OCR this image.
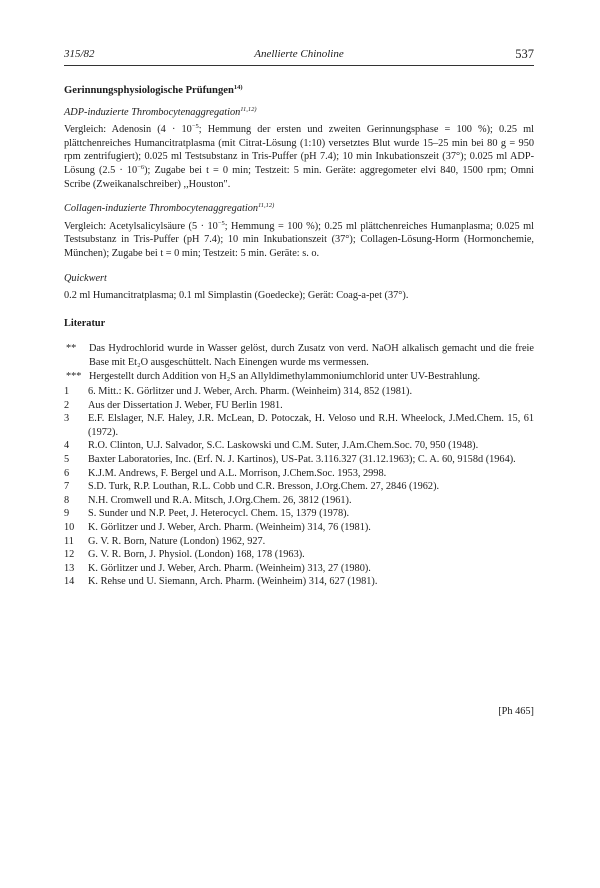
315/82	Anellierte Chinoline	537

Gerinnungsphysiologische Prüfungen$^{14)}$

ADP-induzierte Thrombocytenaggregation$^{11,12)}$

Vergleich: Adenosin ($4 \cdot 10^{-5}$; Hemmung der ersten und zweiten Gerinnungsphase = 100 %); 0.25 ml plättchenreiches Humancitratplasma (mit Citrat-Lösung (1:10) versetztes Blut wurde 15–25 min bei 80 g = 950 rpm zentrifugiert); 0.025 ml Testsubstanz in Tris-Puffer (pH 7.4); 10 min Inkubationszeit (37°); 0.025 ml ADP-Lösung $(2.5 \cdot 10^{-6})$; Zugabe bei t = 0 min; Testzeit: 5 min. Geräte: aggregometer elvi 840, 1500 rpm; Omni Scribe (Zweikanalschreiber) ,,Houston".

Collagen-induzierte Thrombocytenaggregation$^{11,12)}$

Vergleich: Acetylsalicylsäure ($5 \cdot 10^{-5}$; Hemmung = 100 %); 0.25 ml plättchenreiches Humanplasma; 0.025 ml Testsubstanz in Tris-Puffer (pH 7.4); 10 min Inkubationszeit (37°); Collagen-Lösung-Horm (Hormonchemie, München); Zugabe bei t = 0 min; Testzeit: 5 min. Geräte: s. o.

Quickwert

0.2 ml Humancitratplasma; 0.1 ml Simplastin (Goedecke); Gerät: Coag-a-pet (37°).

Literatur

** Das Hydrochlorid wurde in Wasser gelöst, durch Zusatz von verd. NaOH alkalisch gemacht und die freie Base mit Et₂O ausgeschüttelt. Nach Einengen wurde ms vermessen.
*** Hergestellt durch Addition von H₂S an Allyldimethylammoniumchlorid unter UV-Bestrahlung.
1 6. Mitt.: K. Görlitzer und J. Weber, Arch. Pharm. (Weinheim) 314, 852 (1981).
2 Aus der Dissertation J. Weber, FU Berlin 1981.
3 E.F. Elslager, N.F. Haley, J.R. McLean, D. Potoczak, H. Veloso und R.H. Wheelock, J.Med.Chem. 15, 61 (1972).
4 R.O. Clinton, U.J. Salvador, S.C. Laskowski und C.M. Suter, J.Am.Chem.Soc. 70, 950 (1948).
5 Baxter Laboratories, Inc. (Erf. N. J. Kartinos), US-Pat. 3.116.327 (31.12.1963); C. A. 60, 9158d (1964).
6 K.J.M. Andrews, F. Bergel und A.L. Morrison, J.Chem.Soc. 1953, 2998.
7 S.D. Turk, R.P. Louthan, R.L. Cobb und C.R. Bresson, J.Org.Chem. 27, 2846 (1962).
8 N.H. Cromwell und R.A. Mitsch, J.Org.Chem. 26, 3812 (1961).
9 S. Sunder und N.P. Peet, J. Heterocycl. Chem. 15, 1379 (1978).
10 K. Görlitzer und J. Weber, Arch. Pharm. (Weinheim) 314, 76 (1981).
11 G. V. R. Born, Nature (London) 1962, 927.
12 G. V. R. Born, J. Physiol. (London) 168, 178 (1963).
13 K. Görlitzer und J. Weber, Arch. Pharm. (Weinheim) 313, 27 (1980).
14 K. Rehse und U. Siemann, Arch. Pharm. (Weinheim) 314, 627 (1981).
[Ph 465]
